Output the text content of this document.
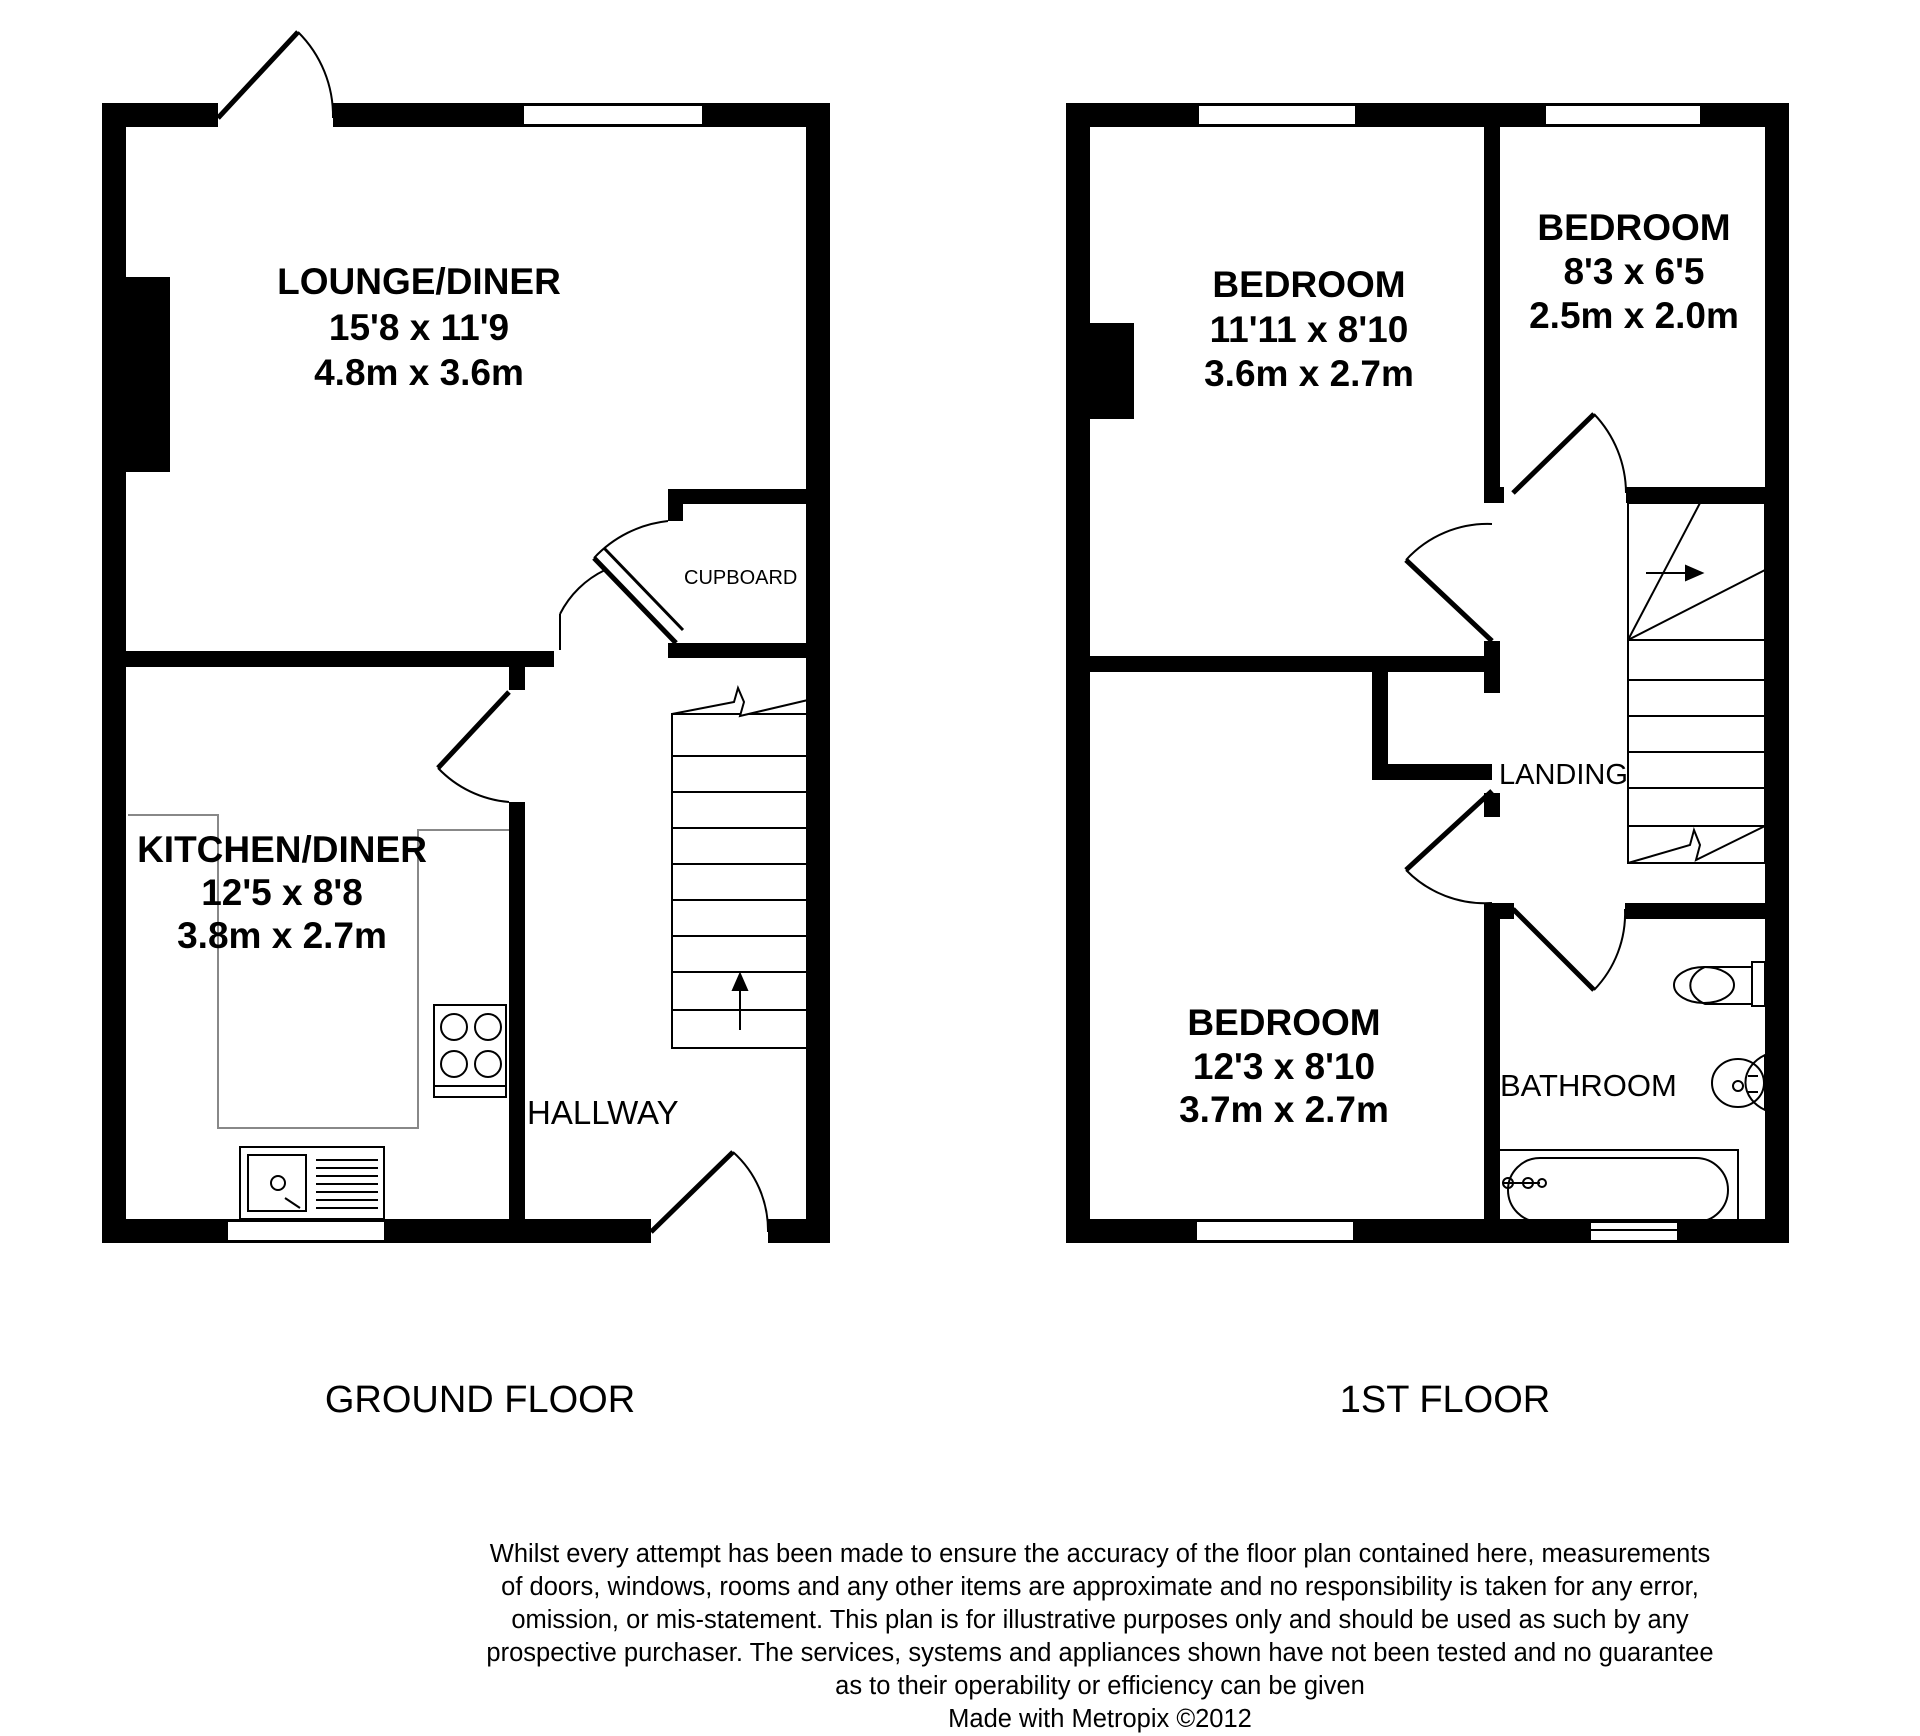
LOUNGE/DINER
15'8 x 11'9
4.8m x 3.6m
KITCHEN/DINER
12'5 x 8'8
3.8m x 2.7m
CUPBOARD
HALLWAY
GROUND FLOOR
BEDROOM
11'11 x 8'10
3.6m x 2.7m
BEDROOM
8'3 x 6'5
2.5m x 2.0m
BEDROOM
12'3 x 8'10
3.7m x 2.7m
LANDING
BATHROOM
1ST FLOOR
Whilst every attempt has been made to ensure the accuracy of the floor plan contained here, measurements
of doors, windows, rooms and any other items are approximate and no responsibility is taken for any error,
omission, or mis-statement. This plan is for illustrative purposes only and should be used as such by any
prospective purchaser. The services, systems and appliances shown have not been tested and no guarantee
as to their operability or efficiency can be given
Made with Metropix ©2012
